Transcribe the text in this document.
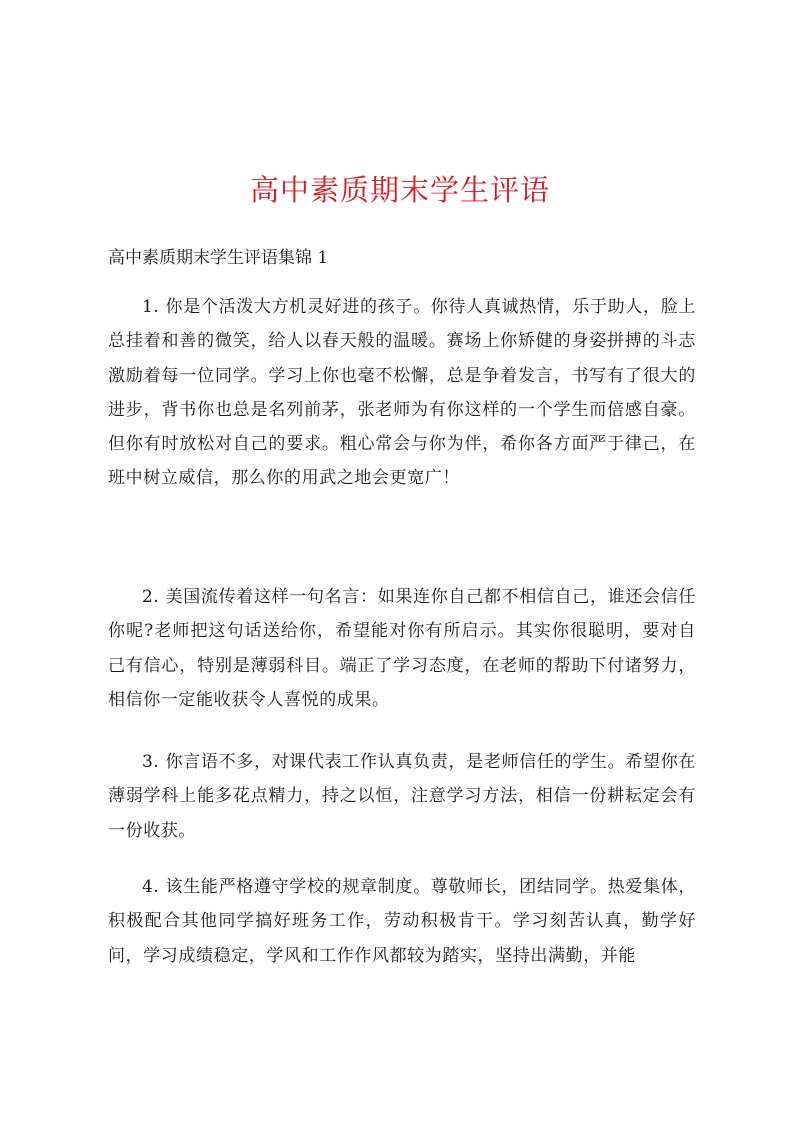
高中素质期末学生评语
高中素质期末学生评语集锦 1

1. 你是个活泼大方机灵好进的孩子。你待人真诚热情，乐于助人，脸上总挂着和善的微笑，给人以春天般的温暖。赛场上你矫健的身姿拼搏的斗志激励着每一位同学。学习上你也毫不松懈，总是争着发言，书写有了很大的进步，背书你也总是名列前茅，张老师为有你这样的一个学生而倍感自豪。但你有时放松对自己的要求。粗心常会与你为伴，希你各方面严于律己，在班中树立威信，那么你的用武之地会更宽广！

2. 美国流传着这样一句名言：如果连你自己都不相信自己，谁还会信任你呢?老师把这句话送给你，希望能对你有所启示。其实你很聪明，要对自己有信心，特别是薄弱科目。端正了学习态度，在老师的帮助下付诸努力，相信你一定能收获令人喜悦的成果。

3. 你言语不多，对课代表工作认真负责，是老师信任的学生。希望你在薄弱学科上能多花点精力，持之以恒，注意学习方法，相信一份耕耘定会有一份收获。

4. 该生能严格遵守学校的规章制度。尊敬师长，团结同学。热爱集体，积极配合其他同学搞好班务工作，劳动积极肯干。学习刻苦认真，勤学好问，学习成绩稳定，学风和工作作风都较为踏实，坚持出满勤，并能
